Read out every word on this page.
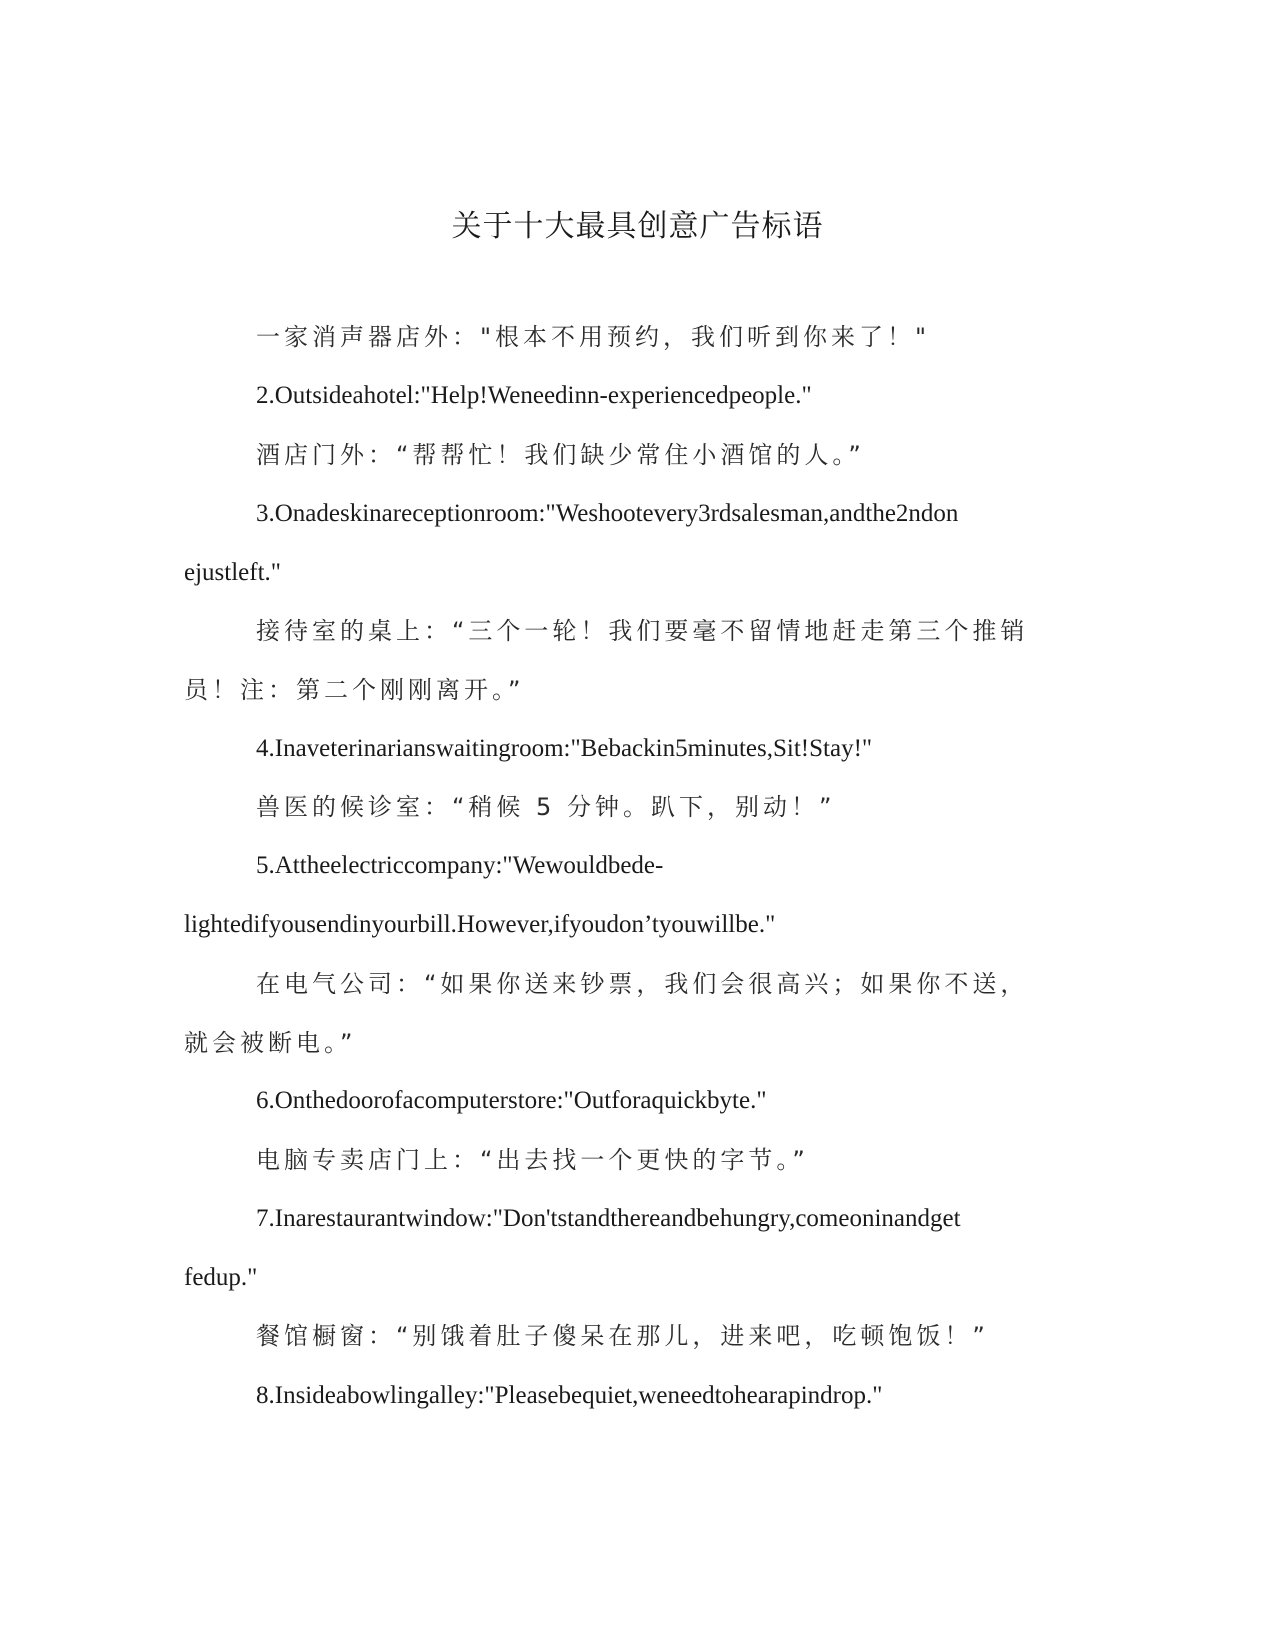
关于十大最具创意广告标语
一家消声器店外："根本不用预约，我们听到你来了！"
2.Outsideahotel:"Help!Weneedinn-experiencedpeople."
酒店门外：“帮帮忙！我们缺少常住小酒馆的人。”
3.Onadeskinareceptionroom:"Weshootevery3rdsalesman,andthe2ndon
ejustleft."
接待室的桌上：“三个一轮！我们要毫不留情地赶走第三个推销
员！注：第二个刚刚离开。”
4.Inaveterinarianswaitingroom:"Bebackin5minutes,Sit!Stay!"
兽医的候诊室：“稍候 5 分钟。趴下，别动！”
5.Attheelectriccompany:"Wewouldbede-
lightedifyousendinyourbill.However,ifyoudon’tyouwillbe."
在电气公司：“如果你送来钞票，我们会很高兴；如果你不送，
就会被断电。”
6.Onthedoorofacomputerstore:"Outforaquickbyte."
电脑专卖店门上：“出去找一个更快的字节。”
7.Inarestaurantwindow:"Don'tstandthereandbehungry,comeoninandget
fedup."
餐馆橱窗：“别饿着肚子傻呆在那儿，进来吧，吃顿饱饭！”
8.Insideabowlingalley:"Pleasebequiet,weneedtohearapindrop."
